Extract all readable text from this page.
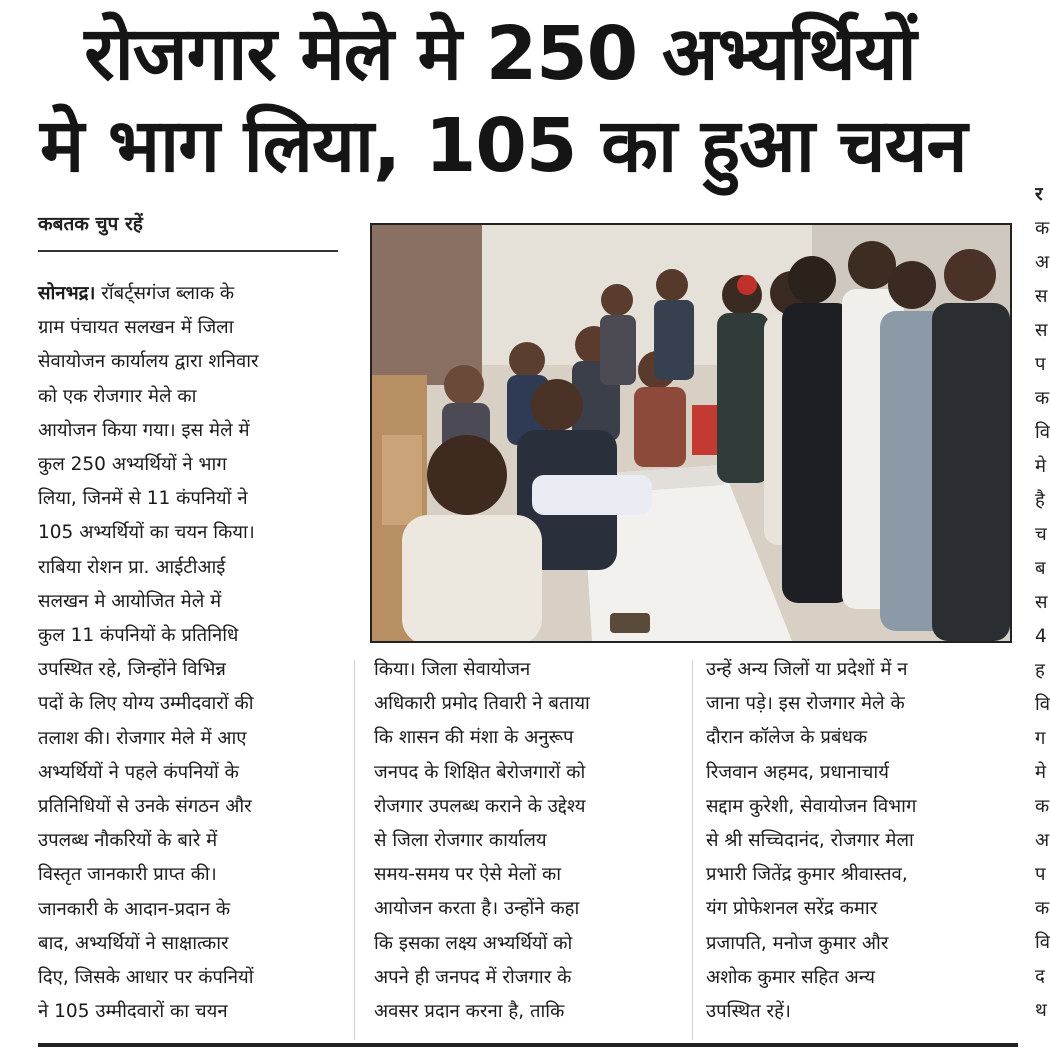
रोजगार मेले मे 250 अभ्यर्थियों
मे भाग लिया, 105 का हुआ चयन
कबतक चुप रहें
सोनभद्र। रॉबर्ट्सगंज ब्लाक के
ग्राम पंचायत सलखन में जिला
सेवायोजन कार्यालय द्वारा शनिवार
को एक रोजगार मेले का
आयोजन किया गया। इस मेले में
कुल 250 अभ्यर्थियों ने भाग
लिया, जिनमें से 11 कंपनियों ने
105 अभ्यर्थियों का चयन किया।
राबिया रोशन प्रा. आईटीआई
सलखन मे आयोजित मेले में
कुल 11 कंपनियों के प्रतिनिधि
उपस्थित रहे, जिन्होंने विभिन्न
पदों के लिए योग्य उम्मीदवारों की
तलाश की। रोजगार मेले में आए
अभ्यर्थियों ने पहले कंपनियों के
प्रतिनिधियों से उनके संगठन और
उपलब्ध नौकरियों के बारे में
विस्तृत जानकारी प्राप्त की।
जानकारी के आदान-प्रदान के
बाद, अभ्यर्थियों ने साक्षात्कार
दिए, जिसके आधार पर कंपनियों
ने 105 उम्मीदवारों का चयन
किया। जिला सेवायोजन
अधिकारी प्रमोद तिवारी ने बताया
कि शासन की मंशा के अनुरूप
जनपद के शिक्षित बेरोजगारों को
रोजगार उपलब्ध कराने के उद्देश्य
से जिला रोजगार कार्यालय
समय-समय पर ऐसे मेलों का
आयोजन करता है। उन्होंने कहा
कि इसका लक्ष्य अभ्यर्थियों को
अपने ही जनपद में रोजगार के
अवसर प्रदान करना है, ताकि
उन्हें अन्य जिलों या प्रदेशों में न
जाना पड़े। इस रोजगार मेले के
दौरान कॉलेज के प्रबंधक
रिजवान अहमद, प्रधानाचार्य
सद्दाम कुरेशी, सेवायोजन विभाग
से श्री सच्चिदानंद, रोजगार मेला
प्रभारी जितेंद्र कुमार श्रीवास्तव,
यंग प्रोफेशनल सरेंद्र कमार
प्रजापति, मनोज कुमार और
अशोक कुमार सहित अन्य
उपस्थित रहें।
र
क
अ
स
स
प
क
वि
मे
है
च
ब
स
4
ह
वि
ग
मे
क
अ
प
क
वि
द
थ
